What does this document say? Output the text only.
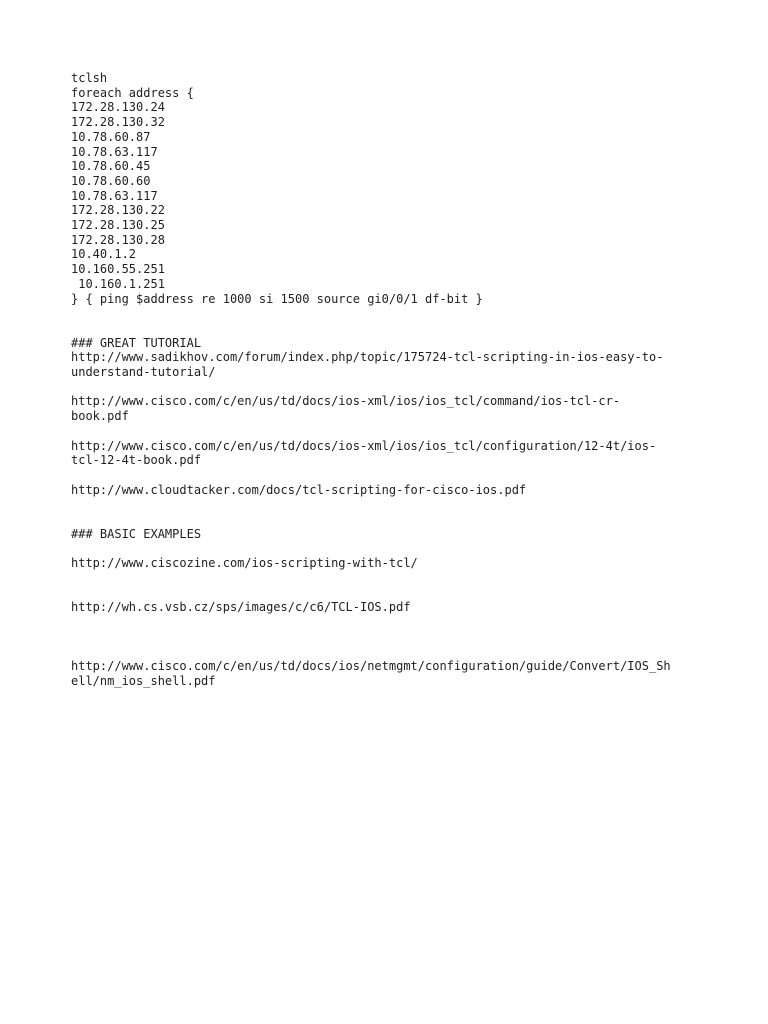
tclsh
foreach address {
172.28.130.24
172.28.130.32
10.78.60.87
10.78.63.117
10.78.60.45
10.78.60.60
10.78.63.117
172.28.130.22
172.28.130.25
172.28.130.28
10.40.1.2
10.160.55.251
10.160.1.251
} { ping $address re 1000 si 1500 source gi0/0/1 df-bit }
### GREAT TUTORIAL
http://www.sadikhov.com/forum/index.php/topic/175724-tcl-scripting-in-ios-easy-to-
understand-tutorial/
http://www.cisco.com/c/en/us/td/docs/ios-xml/ios/ios_tcl/command/ios-tcl-cr-
book.pdf
http://www.cisco.com/c/en/us/td/docs/ios-xml/ios/ios_tcl/configuration/12-4t/ios-
tcl-12-4t-book.pdf
http://www.cloudtacker.com/docs/tcl-scripting-for-cisco-ios.pdf
### BASIC EXAMPLES
http://www.ciscozine.com/ios-scripting-with-tcl/
http://wh.cs.vsb.cz/sps/images/c/c6/TCL-IOS.pdf
http://www.cisco.com/c/en/us/td/docs/ios/netmgmt/configuration/guide/Convert/IOS_Sh
ell/nm_ios_shell.pdf
